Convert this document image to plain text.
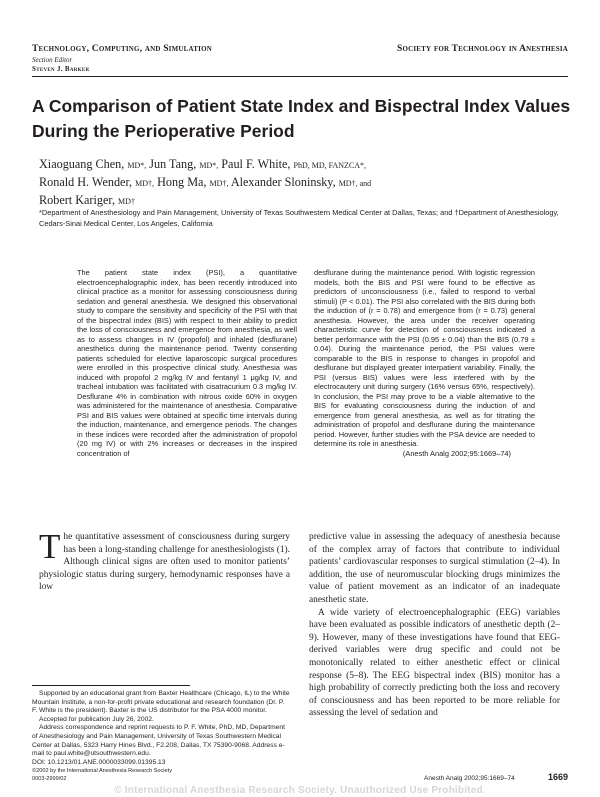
Technology, Computing, and Simulation
Section Editor
Steven J. Barker
Society for Technology in Anesthesia
A Comparison of Patient State Index and Bispectral Index Values During the Perioperative Period
Xiaoguang Chen, MD*, Jun Tang, MD*, Paul F. White, PhD, MD, FANZCA*,
Ronald H. Wender, MD†, Hong Ma, MD†, Alexander Sloninsky, MD†, and
Robert Kariger, MD†
*Department of Anesthesiology and Pain Management, University of Texas Southwestern Medical Center at Dallas, Texas; and †Department of Anesthesiology, Cedars-Sinai Medical Center, Los Angeles, California
The patient state index (PSI), a quantitative electroencephalographic index, has been recently introduced into clinical practice as a monitor for assessing consciousness during sedation and general anesthesia. We designed this observational study to compare the sensitivity and specificity of the PSI with that of the bispectral index (BIS) with respect to their ability to predict the loss of consciousness and emergence from anesthesia, as well as to assess changes in IV (propofol) and inhaled (desflurane) anesthetics during the maintenance period. Twenty consenting patients scheduled for elective laparoscopic surgical procedures were enrolled in this prospective clinical study. Anesthesia was induced with propofol 2 mg/kg IV and fentanyl 1 μg/kg IV, and tracheal intubation was facilitated with cisatracurium 0.3 mg/kg IV. Desflurane 4% in combination with nitrous oxide 60% in oxygen was administered for the maintenance of anesthesia. Comparative PSI and BIS values were obtained at specific time intervals during the induction, maintenance, and emergence periods. The changes in these indices were recorded after the administration of propofol (20 mg IV) or with 2% increases or decreases in the inspired concentration of
desflurane during the maintenance period. With logistic regression models, both the BIS and PSI were found to be effective as predictors of unconsciousness (i.e., failed to respond to verbal stimuli) (P < 0.01). The PSI also correlated with the BIS during both the induction of (r = 0.78) and emergence from (r = 0.73) general anesthesia. However, the area under the receiver operating characteristic curve for detection of consciousness indicated a better performance with the PSI (0.95 ± 0.04) than the BIS (0.79 ± 0.04). During the maintenance period, the PSI values were comparable to the BIS in response to changes in propofol and desflurane but displayed greater interpatient variability. Finally, the PSI (versus BIS) values were less interfered with by the electrocautery unit during surgery (16% versus 65%, respectively). In conclusion, the PSI may prove to be a viable alternative to the BIS for evaluating consciousness during the induction of and emergence from general anesthesia, as well as for titrating the administration of propofol and desflurane during the maintenance period. However, further studies with the PSA device are needed to determine its role in anesthesia.
(Anesth Analg 2002;95:1669–74)
The quantitative assessment of consciousness during surgery has been a long-standing challenge for anesthesiologists (1). Although clinical signs are often used to monitor patients’ physiologic status during surgery, hemodynamic responses have a low

predictive value in assessing the adequacy of anesthesia because of the complex array of factors that contribute to individual patients’ cardiovascular responses to surgical stimulation (2–4). In addition, the use of neuromuscular blocking drugs minimizes the value of patient movement as an indicator of an inadequate anesthetic state.

A wide variety of electroencephalographic (EEG) variables have been evaluated as possible indicators of anesthetic depth (2–9). However, many of these investigations have found that EEG-derived variables were drug specific and could not be monotonically related to either anesthetic effect or clinical response (5–8). The EEG bispectral index (BIS) monitor has a high probability of correctly predicting both the loss and recovery of consciousness and has been reported to be more reliable for assessing the level of sedation and

Supported by an educational grant from Baxter Healthcare (Chicago, IL) to the White Mountain Institute, a non-for-profit private educational and research foundation (Dr. P. F. White is the president). Baxter is the US distributor for the PSA 4000 monitor.

Accepted for publication July 26, 2002.

Address correspondence and reprint requests to P. F. White, PhD, MD, Department of Anesthesiology and Pain Management, University of Texas Southwestern Medical Center at Dallas, 5323 Harry Hines Blvd., F2.208, Dallas, TX 75390-9068. Address e-mail to paul.white@utsouthwestern.edu.

DOI: 10.1213/01.ANE.0000033099.01395.13

©2002 by the International Anesthesia Research Society
0003-2999/02	Anesth Analg 2002;95:1669–74	1669
© International Anesthesia Research Society. Unauthorized Use Prohibited.
